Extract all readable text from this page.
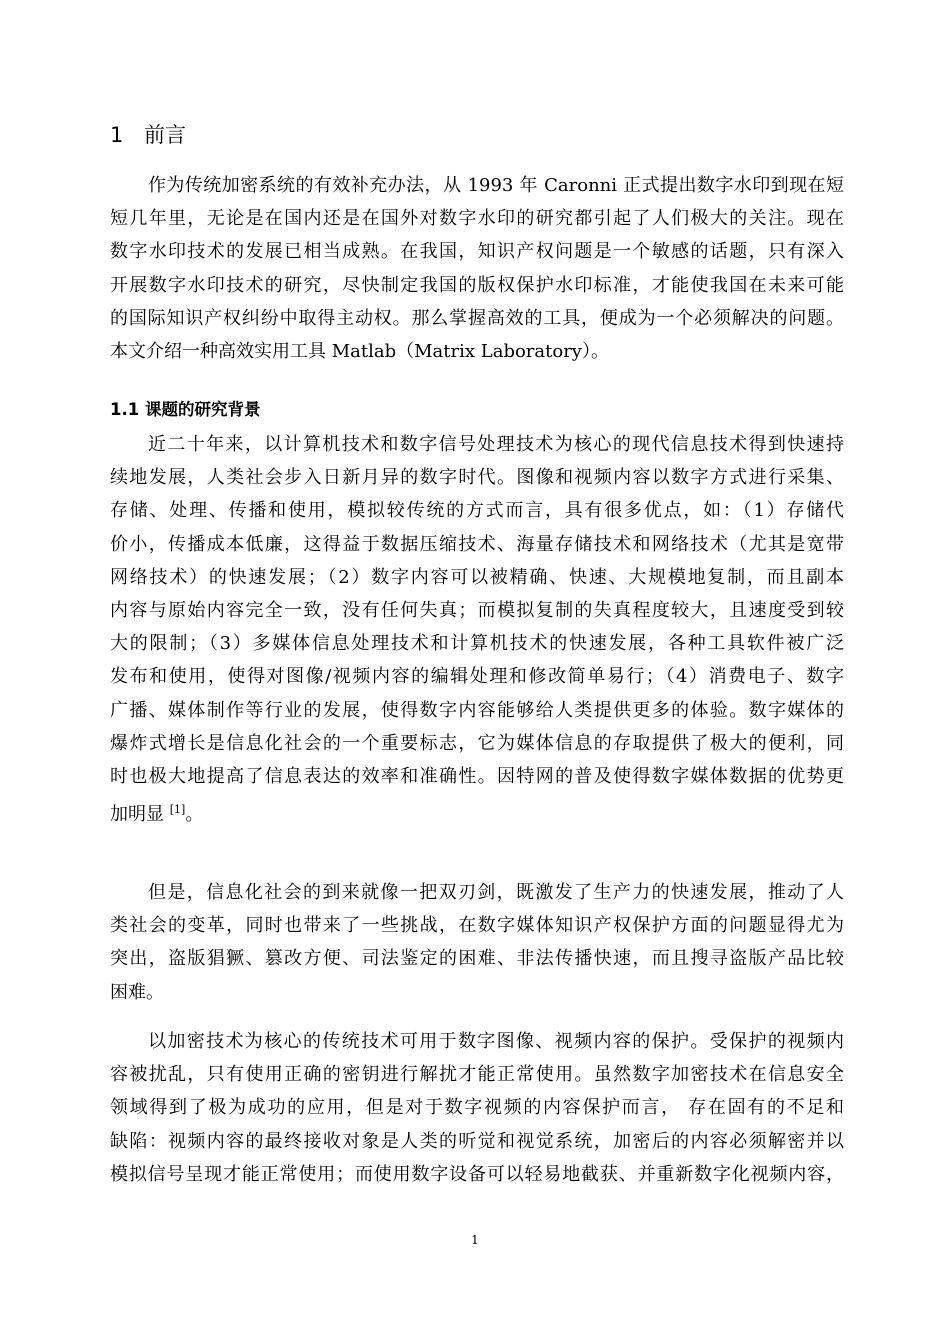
1 前言
作为传统加密系统的有效补充办法，从 1993 年 Caronni 正式提出数字水印到现在短
短几年里，无论是在国内还是在国外对数字水印的研究都引起了人们极大的关注。现在
数字水印技术的发展已相当成熟。在我国，知识产权问题是一个敏感的话题，只有深入
开展数字水印技术的研究，尽快制定我国的版权保护水印标准，才能使我国在未来可能
的国际知识产权纠纷中取得主动权。那么掌握高效的工具，便成为一个必须解决的问题。
本文介绍一种高效实用工具 Matlab（Matrix Laboratory）。
1.1 课题的研究背景
近二十年来，以计算机技术和数字信号处理技术为核心的现代信息技术得到快速持
续地发展，人类社会步入日新月异的数字时代。图像和视频内容以数字方式进行采集、
存储、处理、传播和使用，模拟较传统的方式而言，具有很多优点，如：（1）存储代
价小，传播成本低廉，这得益于数据压缩技术、海量存储技术和网络技术（尤其是宽带
网络技术）的快速发展；（2）数字内容可以被精确、快速、大规模地复制，而且副本
内容与原始内容完全一致，没有任何失真；而模拟复制的失真程度较大，且速度受到较
大的限制；（3）多媒体信息处理技术和计算机技术的快速发展，各种工具软件被广泛
发布和使用，使得对图像/视频内容的编辑处理和修改简单易行；（4）消费电子、数字
广播、媒体制作等行业的发展，使得数字内容能够给人类提供更多的体验。数字媒体的
爆炸式增长是信息化社会的一个重要标志，它为媒体信息的存取提供了极大的便利，同
时也极大地提高了信息表达的效率和准确性。因特网的普及使得数字媒体数据的优势更
加明显 [1]。
但是，信息化社会的到来就像一把双刃剑，既激发了生产力的快速发展，推动了人
类社会的变革，同时也带来了一些挑战，在数字媒体知识产权保护方面的问题显得尤为
突出，盗版猖獗、篡改方便、司法鉴定的困难、非法传播快速，而且搜寻盗版产品比较
困难。
以加密技术为核心的传统技术可用于数字图像、视频内容的保护。受保护的视频内
容被扰乱，只有使用正确的密钥进行解扰才能正常使用。虽然数字加密技术在信息安全
领域得到了极为成功的应用，但是对于数字视频的内容保护而言， 存在固有的不足和
缺陷：视频内容的最终接收对象是人类的听觉和视觉系统，加密后的内容必须解密并以
模拟信号呈现才能正常使用；而使用数字设备可以轻易地截获、并重新数字化视频内容，
1
